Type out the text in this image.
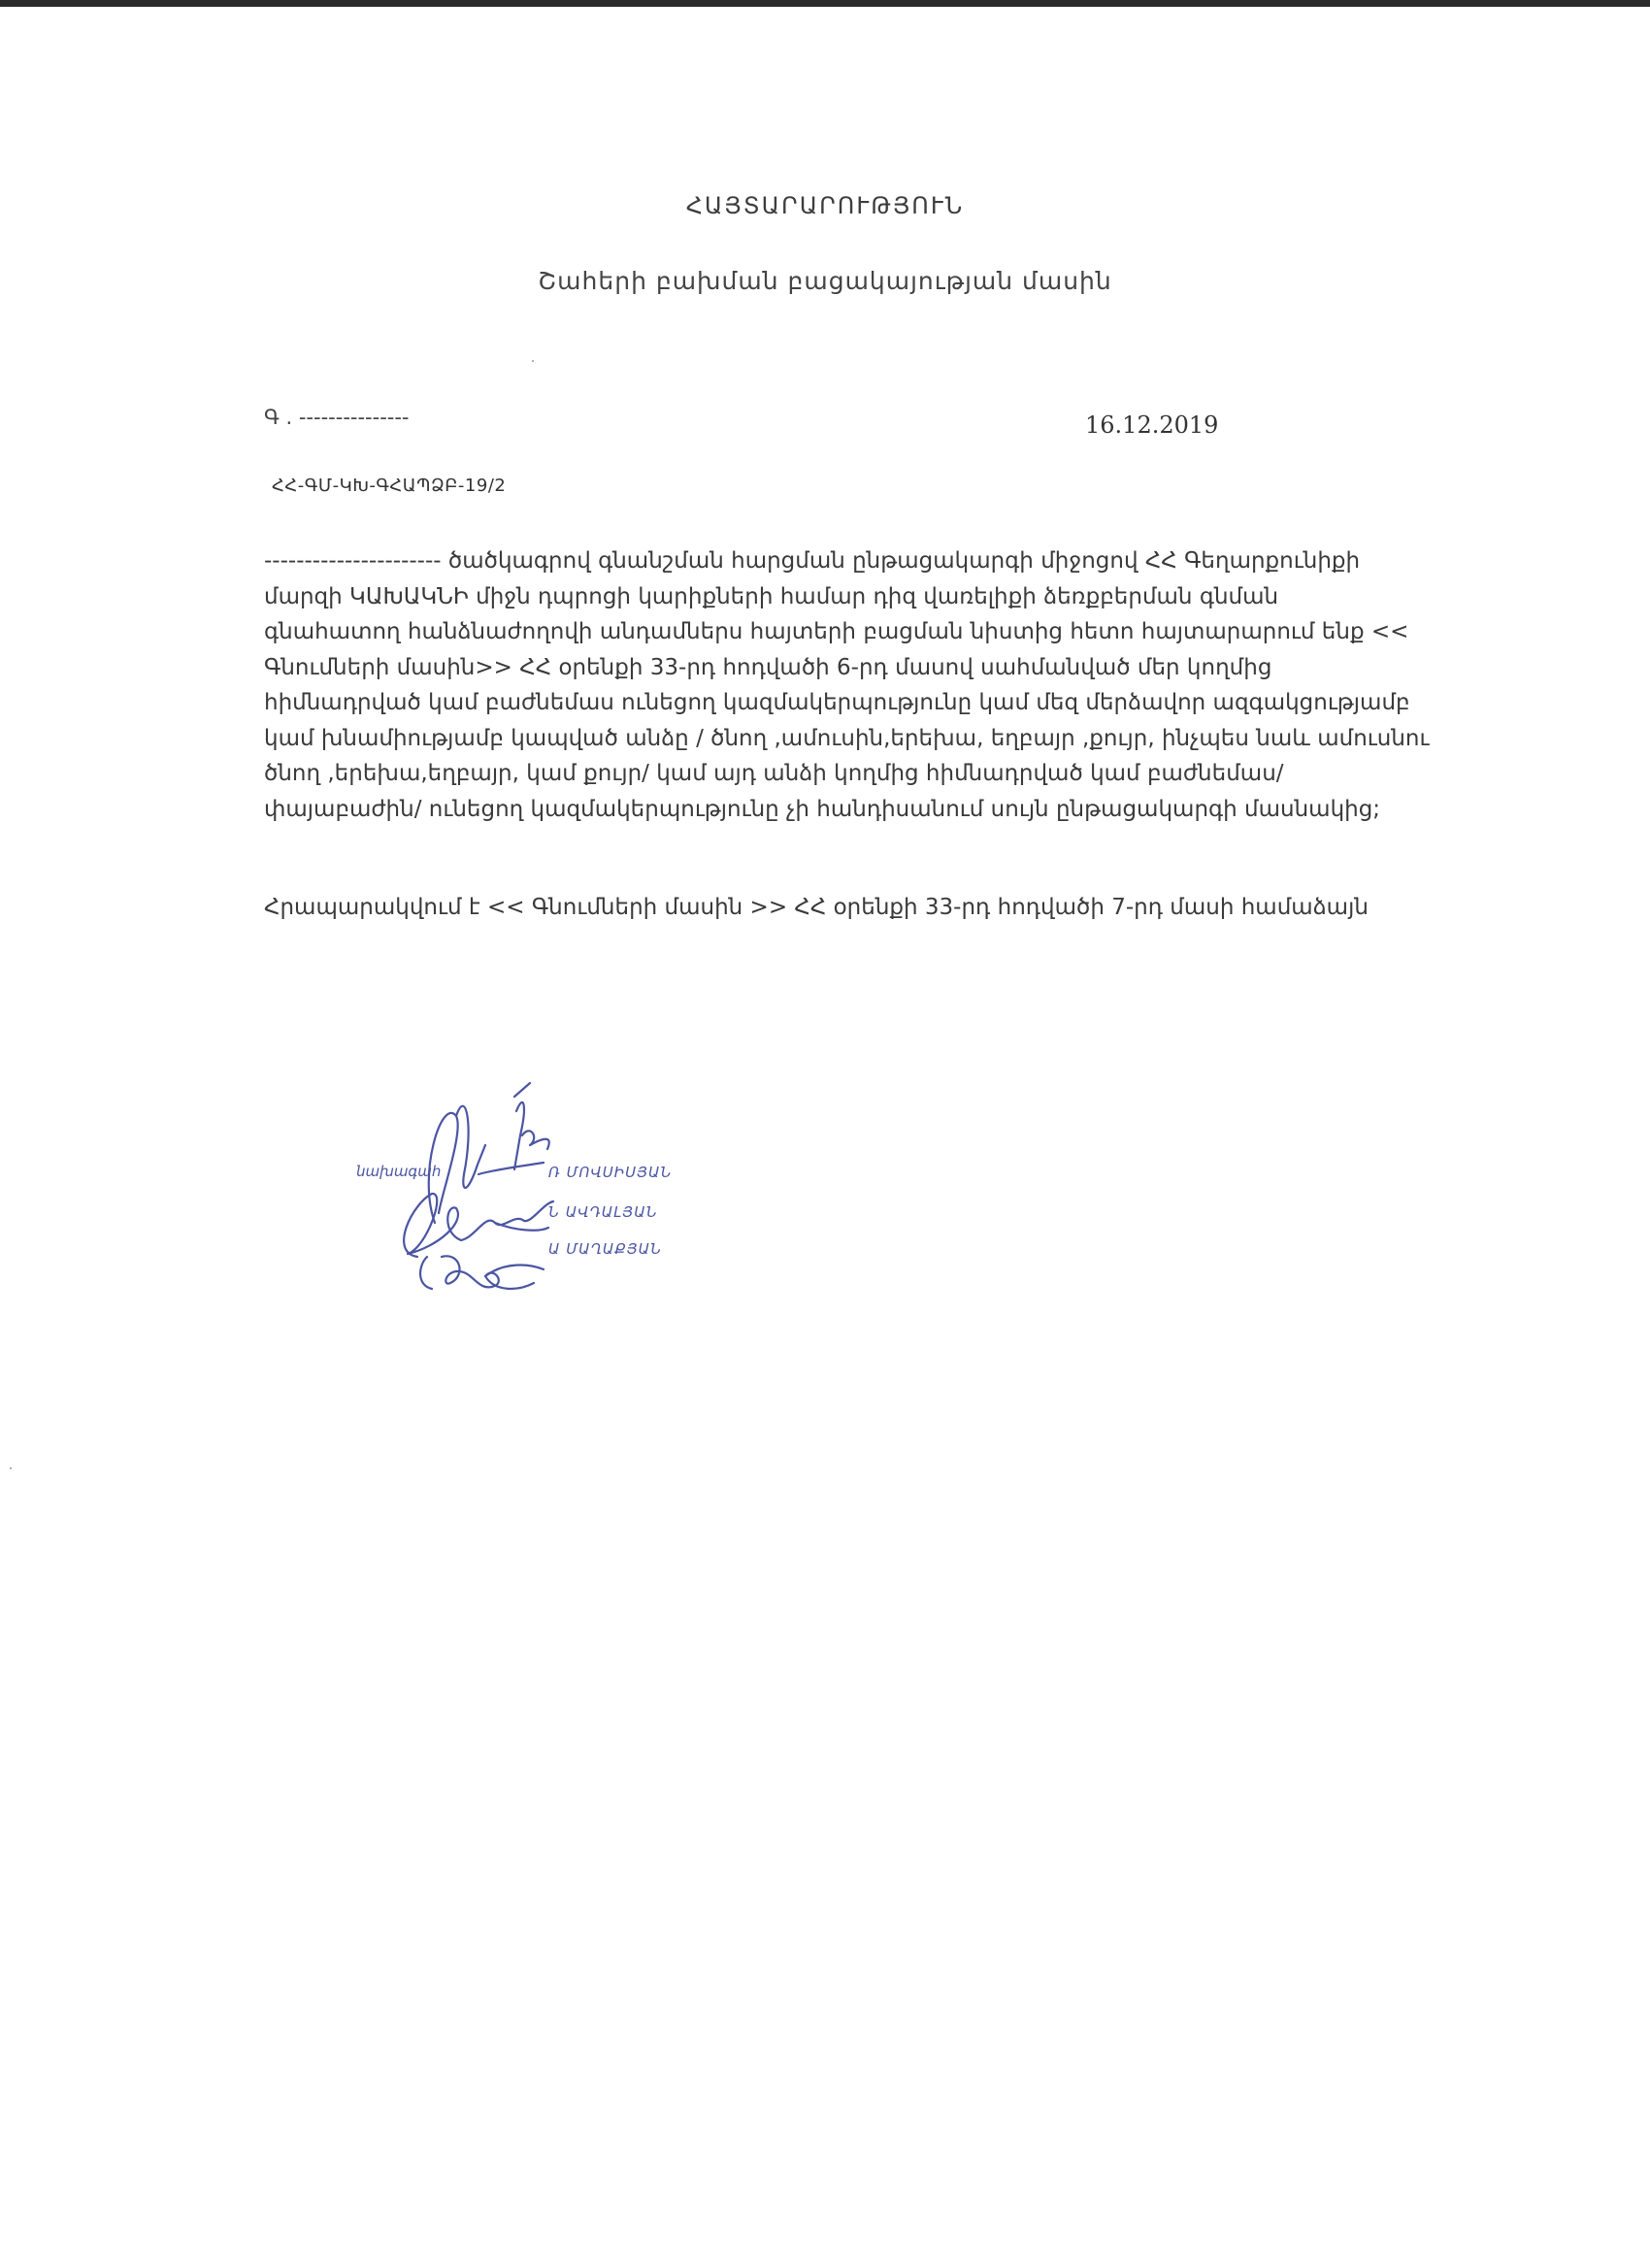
ՀԱՅՏԱՐԱՐՈՒԹՅՈՒՆ
Շահերի բախման բացակայության մասին
Գ . ---------------	16.12.2019
ՀՀ-ԳՄ-ԿԽ-ԳՀԱՊՁԲ-19/2
---------------------- ծածկագրով գնանշման հարցման ընթացակարգի միջոցով ՀՀ Գեղարքունիքի
մարզի ԿԱԽԱԿՆԻ միջն դպրոցի կարիքների համար դիզ վառելիքի ձեռքբերման գնման
գնահատող հանձնաժողովի անդամներս հայտերի բացման նիստից հետո հայտարարում ենք <<
Գնումների մասին>> ՀՀ օրենքի 33-րդ հոդվածի 6-րդ մասով սահմանված մեր կողմից
հիմնադրված կամ բաժնեմաս ունեցող կազմակերպությունը կամ մեզ մերձավոր ազգակցությամբ
կամ խնամիությամբ կապված անձը / ծնող ,ամուսին,երեխա, եղբայր ,քույր, ինչպես նաև ամուսնու
ծնող ,երեխա,եղբայր, կամ քույր/ կամ այդ անձի կողմից հիմնադրված կամ բաժնեմաս/
փայաբաժին/ ունեցող կազմակերպությունը չի հանդիսանում սույն ընթացակարգի մասնակից;
Հրապարակվում է << Գնումների մասին >> ՀՀ օրենքի 33-րդ հոդվածի 7-րդ մասի համաձայն
նախագահ	Ռ ՄՈՎՍԻՍՅԱՆ
Ն ԱՎԴԱԼՅԱՆ
Ա ՄԱՂԱՔՅԱՆ
